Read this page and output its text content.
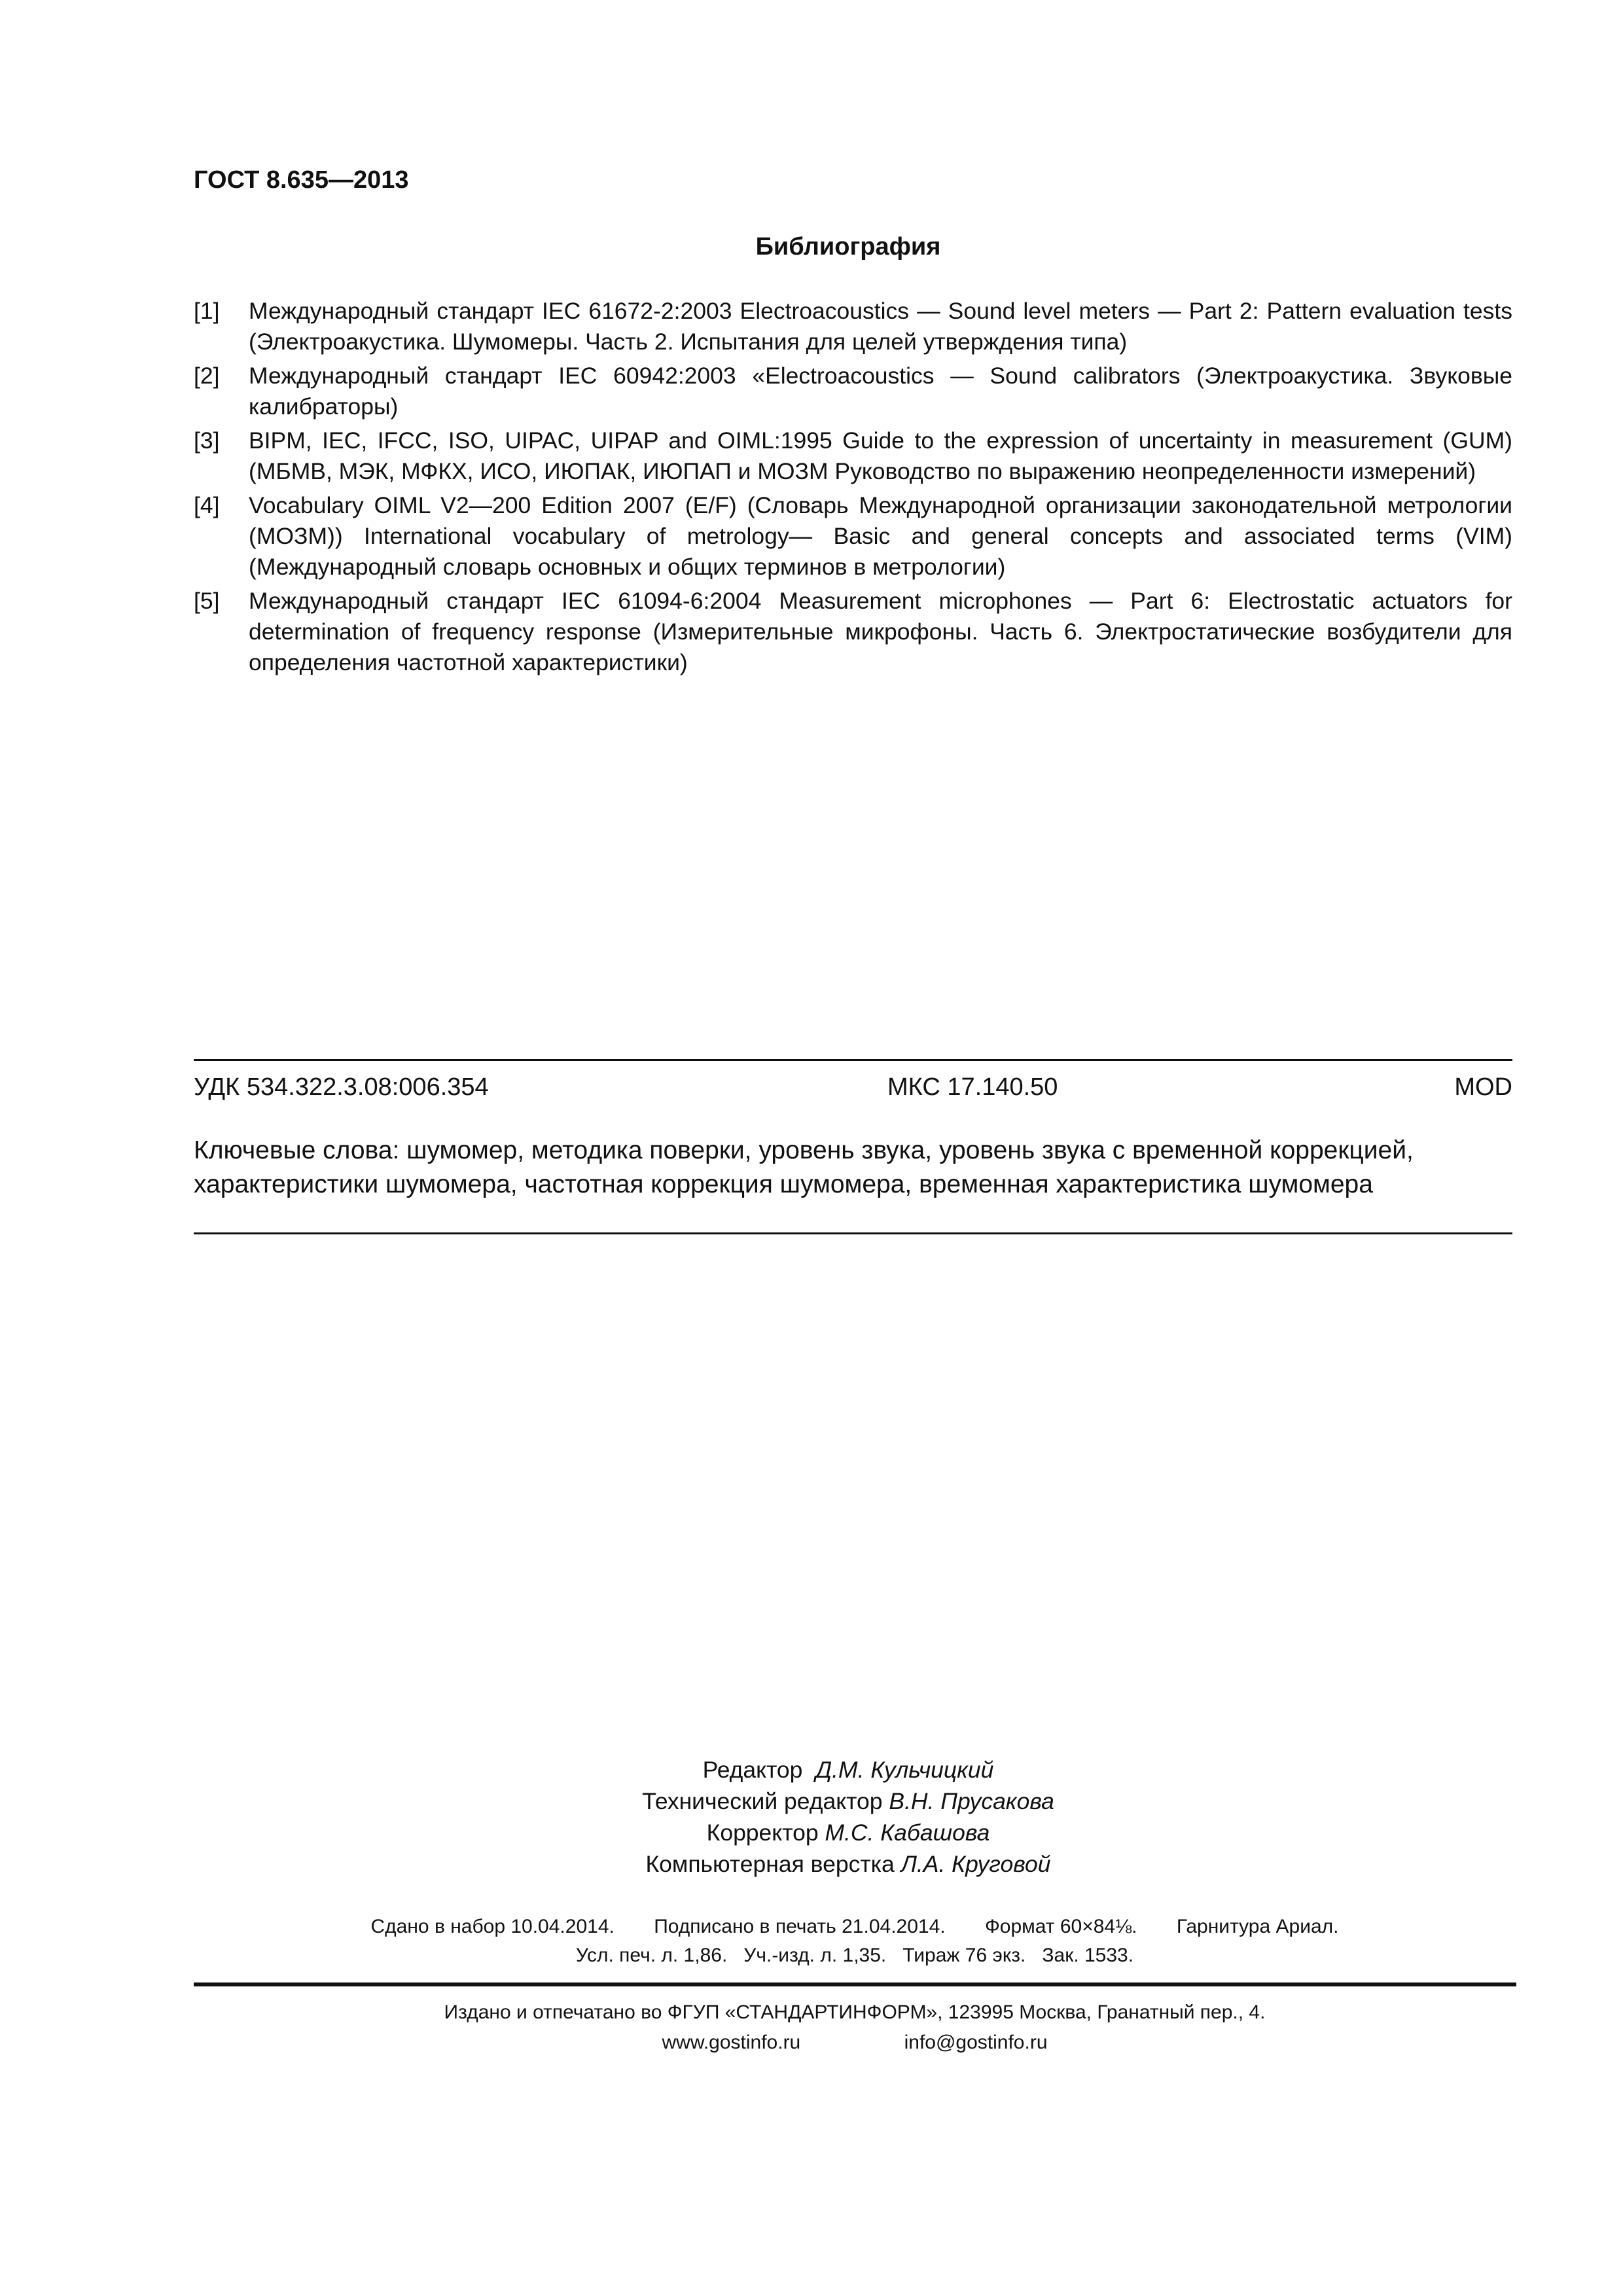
ГОСТ 8.635—2013
Библиография
[1] Международный стандарт IEC 61672-2:2003 Electroacoustics — Sound level meters — Part 2: Pattern evaluation tests (Электроакустика. Шумомеры. Часть 2. Испытания для целей утверждения типа)
[2] Международный стандарт IEC 60942:2003 «Electroacoustics — Sound calibrators (Электроакустика. Звуковые калибраторы)
[3] BIPM, IEC, IFCC, ISO, UIPAC, UIPAP and OIML:1995 Guide to the expression of uncertainty in measurement (GUM) (МБМВ, МЭК, МФКХ, ИСО, ИЮПАК, ИЮПАП и МОЗМ Руководство по выражению неопределенности измерений)
[4] Vocabulary OIML V2—200 Edition 2007 (E/F) (Словарь Международной организации законодательной метрологии (МОЗМ)) International vocabulary of metrology— Basic and general concepts and associated terms (VIM) (Международный словарь основных и общих терминов в метрологии)
[5] Международный стандарт IEC 61094-6:2004 Measurement microphones — Part 6: Electrostatic actuators for determination of frequency response (Измерительные микрофоны. Часть 6. Электростатические возбудители для определения частотной характеристики)
УДК 534.322.3.08:006.354	МКС 17.140.50	MOD
Ключевые слова: шумомер, методика поверки, уровень звука, уровень звука с временной коррекцией, характеристики шумомера, частотная коррекция шумомера, временная характеристика шумомера
Редактор Д.М. Кульчицкий
Технический редактор В.Н. Прусакова
Корректор М.С. Кабашова
Компьютерная верстка Л.А. Круговой
Сдано в набор 10.04.2014. Подписано в печать 21.04.2014. Формат 60×84⅛. Гарнитура Ариал.
Усл. печ. л. 1,86. Уч.-изд. л. 1,35. Тираж 76 экз. Зак. 1533.
Издано и отпечатано во ФГУП «СТАНДАРТИНФОРМ», 123995 Москва, Гранатный пер., 4.
www.gostinfo.ru	info@gostinfo.ru
